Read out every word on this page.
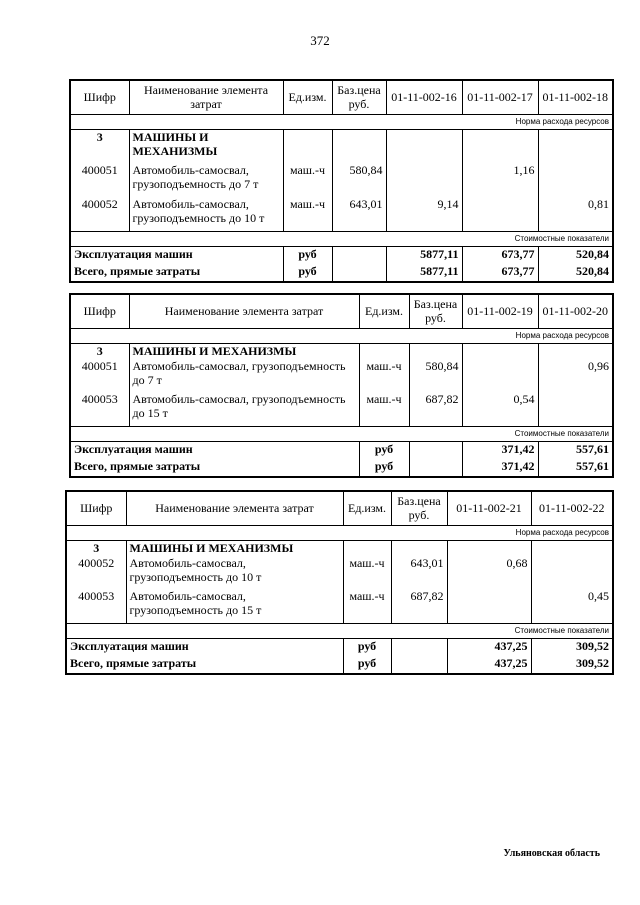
372
Шифр	Наименование элемента затрат	Ед.изм.	Баз.цена руб.	01-11-002-16	01-11-002-17	01-11-002-18
Норма расхода ресурсов						
3	МАШИНЫ И МЕХАНИЗМЫ					
400051	Автомобиль-самосвал, грузоподъемность до 7 т	маш.-ч	580,84		1,16	
400052	Автомобиль-самосвал, грузоподъемность до 10 т	маш.-ч	643,01	9,14		0,81
Стоимостные показатели						
Эксплуатация машин		руб		5877,11	673,77	520,84
Всего, прямые затраты		руб		5877,11	673,77	520,84
Шифр	Наименование элемента затрат	Ед.изм.	Баз.цена руб.	01-11-002-19	01-11-002-20
Норма расхода ресурсов					
3	МАШИНЫ И МЕХАНИЗМЫ				
400051	Автомобиль-самосвал, грузоподъемность до 7 т	маш.-ч	580,84		0,96
400053	Автомобиль-самосвал, грузоподъемность до 15 т	маш.-ч	687,82	0,54	
Стоимостные показатели					
Эксплуатация машин		руб		371,42	557,61
Всего, прямые затраты		руб		371,42	557,61
Шифр	Наименование элемента затрат	Ед.изм.	Баз.цена руб.	01-11-002-21	01-11-002-22
Норма расхода ресурсов					
3	МАШИНЫ И МЕХАНИЗМЫ				
400052	Автомобиль-самосвал, грузоподъемность до 10 т	маш.-ч	643,01	0,68	
400053	Автомобиль-самосвал, грузоподъемность до 15 т	маш.-ч	687,82		0,45
Стоимостные показатели					
Эксплуатация машин		руб		437,25	309,52
Всего, прямые затраты		руб		437,25	309,52
Ульяновская область
